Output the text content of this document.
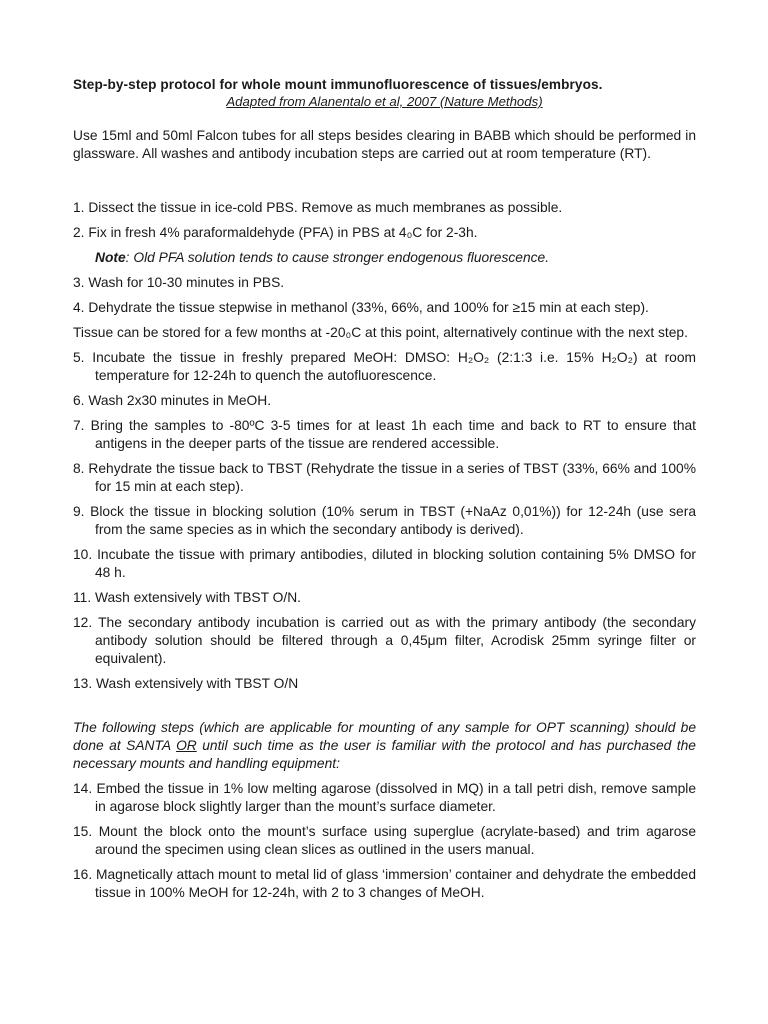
Step-by-step protocol for whole mount immunofluorescence of tissues/embryos.
Adapted from Alanentalo et al, 2007 (Nature Methods)
Use 15ml and 50ml Falcon tubes for all steps besides clearing in BABB which should be performed in glassware. All washes and antibody incubation steps are carried out at room temperature (RT).
1. Dissect the tissue in ice-cold PBS. Remove as much membranes as possible.
2. Fix in fresh 4% paraformaldehyde (PFA) in PBS at 4₀C for 2-3h.
Note: Old PFA solution tends to cause stronger endogenous fluorescence.
3. Wash for 10-30 minutes in PBS.
4. Dehydrate the tissue stepwise in methanol (33%, 66%, and 100% for ≥15 min at each step).
Tissue can be stored for a few months at -20₀C at this point, alternatively continue with the next step.
5. Incubate the tissue in freshly prepared MeOH: DMSO: H₂O₂ (2:1:3 i.e. 15% H₂O₂) at room temperature for 12-24h to quench the autofluorescence.
6. Wash 2x30 minutes in MeOH.
7. Bring the samples to -80ºC 3-5 times for at least 1h each time and back to RT to ensure that antigens in the deeper parts of the tissue are rendered accessible.
8. Rehydrate the tissue back to TBST (Rehydrate the tissue in a series of TBST (33%, 66% and 100% for 15 min at each step).
9. Block the tissue in blocking solution (10% serum in TBST (+NaAz 0,01%)) for 12-24h (use sera from the same species as in which the secondary antibody is derived).
10. Incubate the tissue with primary antibodies, diluted in blocking solution containing 5% DMSO for 48 h.
11. Wash extensively with TBST O/N.
12. The secondary antibody incubation is carried out as with the primary antibody (the secondary antibody solution should be filtered through a 0,45μm filter, Acrodisk 25mm syringe filter or equivalent).
13. Wash extensively with TBST O/N
The following steps (which are applicable for mounting of any sample for OPT scanning) should be done at SANTA OR until such time as the user is familiar with the protocol and has purchased the necessary mounts and handling equipment:
14. Embed the tissue in 1% low melting agarose (dissolved in MQ) in a tall petri dish, remove sample in agarose block slightly larger than the mount’s surface diameter.
15. Mount the block onto the mount’s surface using superglue (acrylate-based) and trim agarose around the specimen using clean slices as outlined in the users manual.
16. Magnetically attach mount to metal lid of glass ‘immersion’ container and dehydrate the embedded tissue in 100% MeOH for 12-24h, with 2 to 3 changes of MeOH.
